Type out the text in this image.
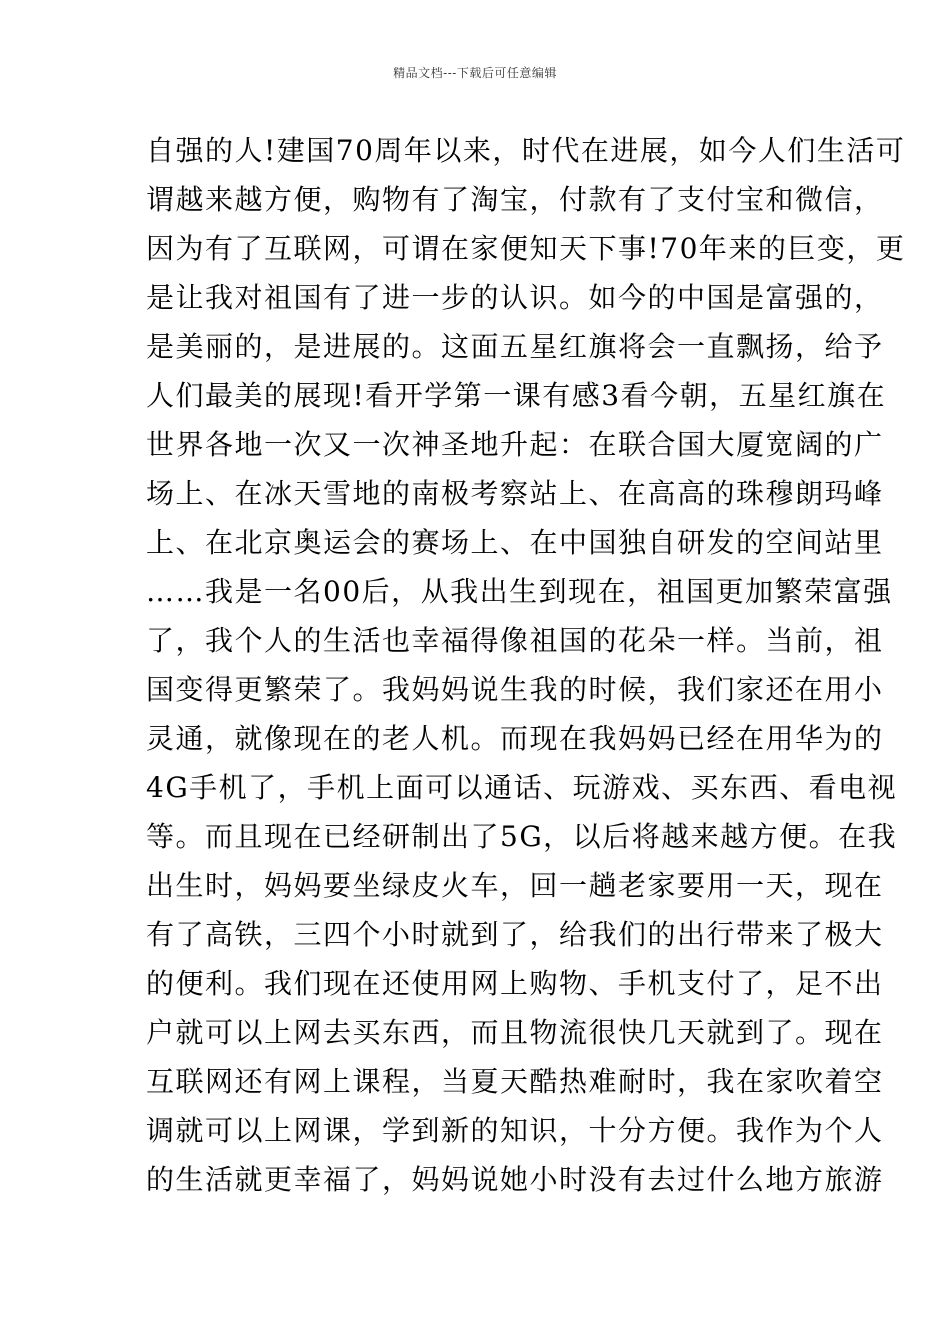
精品文档---下载后可任意编辑
自强的人!建国70周年以来，时代在进展，如今人们生活可
谓越来越方便，购物有了淘宝，付款有了支付宝和微信，
因为有了互联网，可谓在家便知天下事!70年来的巨变，更
是让我对祖国有了进一步的认识。如今的中国是富强的，
是美丽的，是进展的。这面五星红旗将会一直飘扬，给予
人们最美的展现!看开学第一课有感3看今朝，五星红旗在
世界各地一次又一次神圣地升起：在联合国大厦宽阔的广
场上、在冰天雪地的南极考察站上、在高高的珠穆朗玛峰
上、在北京奥运会的赛场上、在中国独自研发的空间站里
……我是一名00后，从我出生到现在，祖国更加繁荣富强
了，我个人的生活也幸福得像祖国的花朵一样。当前，祖
国变得更繁荣了。我妈妈说生我的时候，我们家还在用小
灵通，就像现在的老人机。而现在我妈妈已经在用华为的
4G手机了，手机上面可以通话、玩游戏、买东西、看电视
等。而且现在已经研制出了5G，以后将越来越方便。在我
出生时，妈妈要坐绿皮火车，回一趟老家要用一天，现在
有了高铁，三四个小时就到了，给我们的出行带来了极大
的便利。我们现在还使用网上购物、手机支付了，足不出
户就可以上网去买东西，而且物流很快几天就到了。现在
互联网还有网上课程，当夏天酷热难耐时，我在家吹着空
调就可以上网课，学到新的知识，十分方便。我作为个人
的生活就更幸福了，妈妈说她小时没有去过什么地方旅游
